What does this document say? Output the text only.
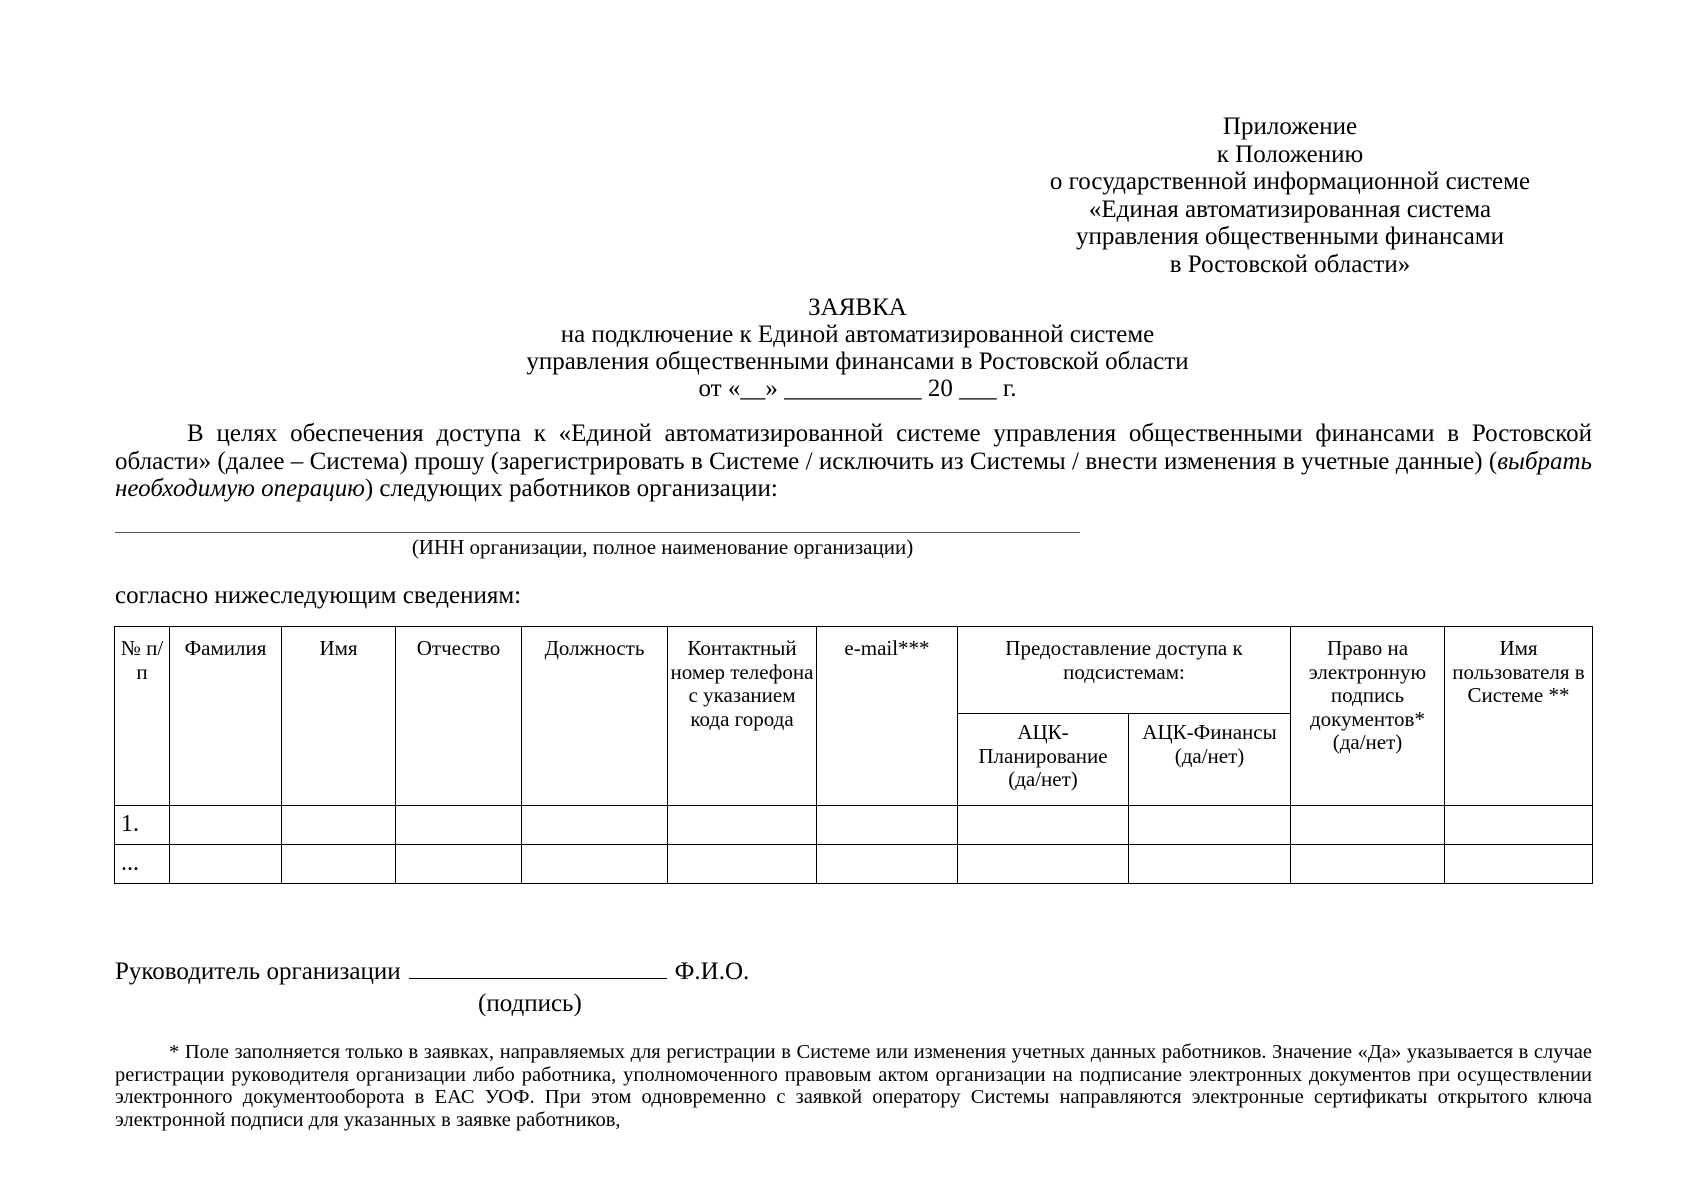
Приложение
к Положению
о государственной информационной системе
«Единая автоматизированная система
управления общественными финансами
в Ростовской области»
ЗАЯВКА
на подключение к Единой автоматизированной системе
управления общественными финансами в Ростовской области
от «__» ___________ 20 ___ г.
В целях обеспечения доступа к «Единой автоматизированной системе управления общественными финансами в Ростовской области» (далее – Система) прошу (зарегистрировать в Системе / исключить из Системы / внести изменения в учетные данные) (выбрать необходимую операцию) следующих работников организации:
(ИНН организации, полное наименование организации)
согласно нижеследующим сведениям:
№ п/п	Фамилия	Имя	Отчество	Должность	Контактный номер телефона с указанием кода города	e-mail***	Предоставление доступа к подсистемам:		Право на электронную подпись документов* (да/нет)	Имя пользователя в Системе **
							АЦК-Планирование (да/нет)	АЦК-Финансы (да/нет)		
1.										
...										
Руководитель организации	Ф.И.О.
(подпись)
* Поле заполняется только в заявках, направляемых для регистрации в Системе или изменения учетных данных работников. Значение «Да» указывается в случае регистрации руководителя организации либо работника, уполномоченного правовым актом организации на подписание электронных документов при осуществлении электронного документооборота в ЕАС УОФ. При этом одновременно с заявкой оператору Системы направляются электронные сертификаты открытого ключа электронной подписи для указанных в заявке работников,
